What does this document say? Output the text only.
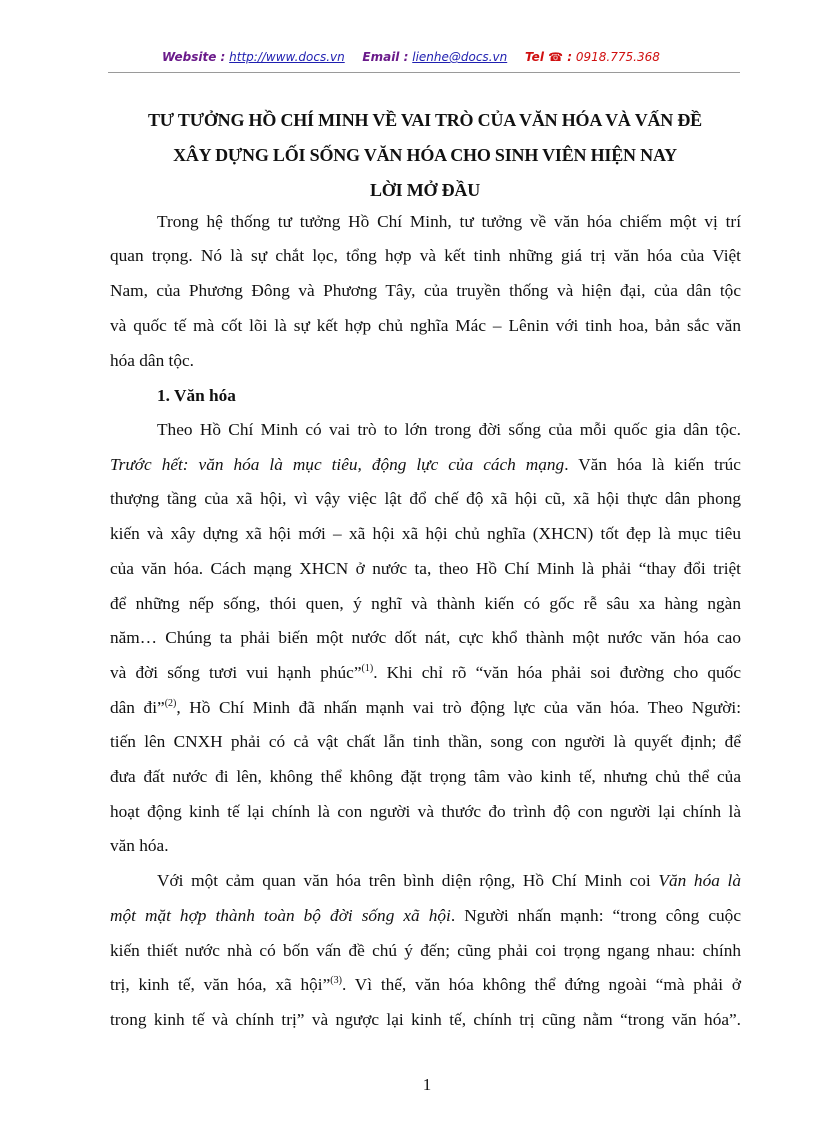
Website : http://www.docs.vn Email : lienhe@docs.vn Tel ☎ : 0918.775.368
TƯ TƯỞNG HỒ CHÍ MINH VỀ VAI TRÒ CỦA VĂN HÓA VÀ VẤN ĐỀ
XÂY DỰNG LỐI SỐNG VĂN HÓA CHO SINH VIÊN HIỆN NAY
LỜI MỞ ĐẦU
Trong hệ thống tư tưởng Hồ Chí Minh, tư tưởng về văn hóa chiếm một vị trí
quan trọng. Nó là sự chắt lọc, tổng hợp và kết tinh những giá trị văn hóa của Việt
Nam, của Phương Đông và Phương Tây, của truyền thống và hiện đại, của dân tộc
và quốc tế mà cốt lõi là sự kết hợp chủ nghĩa Mác – Lênin với tinh hoa, bản sắc văn
hóa dân tộc.
1. Văn hóa
Theo Hồ Chí Minh có vai trò to lớn trong đời sống của mỗi quốc gia dân tộc.
Trước hết: văn hóa là mục tiêu, động lực của cách mạng. Văn hóa là kiến trúc
thượng tầng của xã hội, vì vậy việc lật đổ chế độ xã hội cũ, xã hội thực dân phong
kiến và xây dựng xã hội mới – xã hội xã hội chủ nghĩa (XHCN) tốt đẹp là mục tiêu
của văn hóa. Cách mạng XHCN ở nước ta, theo Hồ Chí Minh là phải “thay đổi triệt
để những nếp sống, thói quen, ý nghĩ và thành kiến có gốc rễ sâu xa hàng ngàn
năm… Chúng ta phải biến một nước dốt nát, cực khổ thành một nước văn hóa cao
và đời sống tươi vui hạnh phúc”$^{(1)}$. Khi chỉ rõ “văn hóa phải soi đường cho quốc
dân đi”$^{(2)}$, Hồ Chí Minh đã nhấn mạnh vai trò động lực của văn hóa. Theo Người:
tiến lên CNXH phải có cả vật chất lẫn tinh thần, song con người là quyết định; để
đưa đất nước đi lên, không thể không đặt trọng tâm vào kinh tế, nhưng chủ thể của
hoạt động kinh tế lại chính là con người và thước đo trình độ con người lại chính là
văn hóa.
Với một cảm quan văn hóa trên bình diện rộng, Hồ Chí Minh coi Văn hóa là
một mặt hợp thành toàn bộ đời sống xã hội. Người nhấn mạnh: “trong công cuộc
kiến thiết nước nhà có bốn vấn đề chú ý đến; cũng phải coi trọng ngang nhau: chính
trị, kinh tế, văn hóa, xã hội”$^{(3)}$. Vì thế, văn hóa không thể đứng ngoài “mà phải ở
trong kinh tế và chính trị” và ngược lại kinh tế, chính trị cũng nằm “trong văn hóa”.
1
